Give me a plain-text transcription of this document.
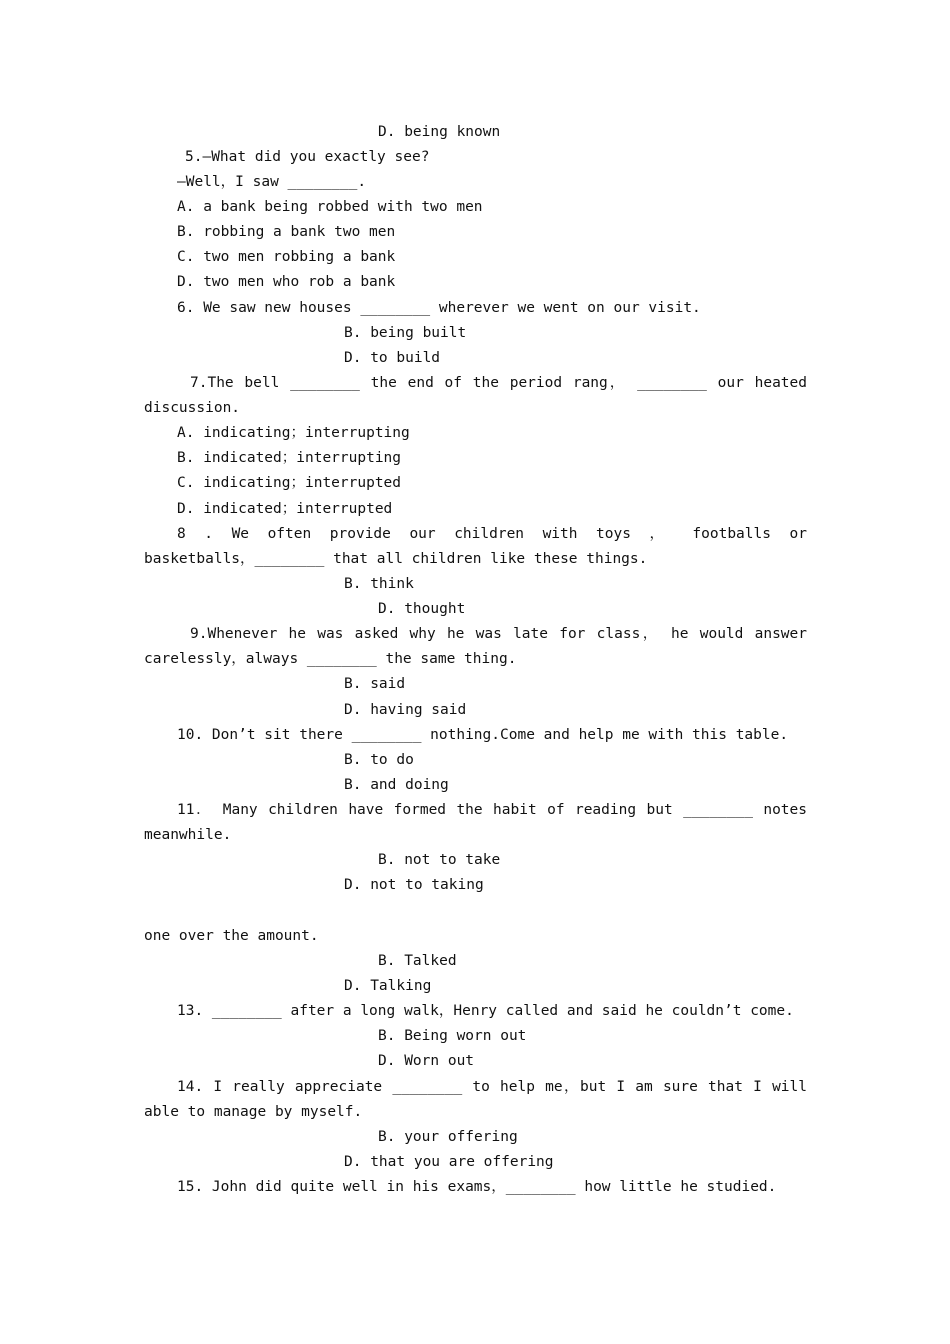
D. being known

5.—What did you exactly see?
—Well，I saw ________.
A. a bank being robbed with two men
B. robbing a bank two men
C. two men robbing a bank
D. two men who rob a bank
6. We saw new houses ________ wherever we went on our visit.

B. being built

D. to build

7.The bell ________ the end of the period rang， ________ our heated
discussion.
A. indicating；interrupting
B. indicated；interrupting
C. indicating；interrupted
D. indicated；interrupted
8 . We often provide our children with toys ， footballs or
basketballs，________ that all children like these things.

B. think

D. thought

9.Whenever he was asked why he was late for class， he would answer
carelessly，always ________ the same thing.

B. said

D. having said

10. Don’t sit there ________ nothing.Come and help me with this table.

B. to do

B. and doing

11． Many children have formed the habit of reading but ________ notes
meanwhile.

B. not to take

D. not to taking

one over the amount.

B. Talked

D. Talking

13. ________ after a long walk，Henry called and said he couldn’t come.

B. Being worn out

D. Worn out

14. I really appreciate ________ to help me，but I am sure that I will
able to manage by myself.

B. your offering

D. that you are offering

15. John did quite well in his exams，________ how little he studied.
